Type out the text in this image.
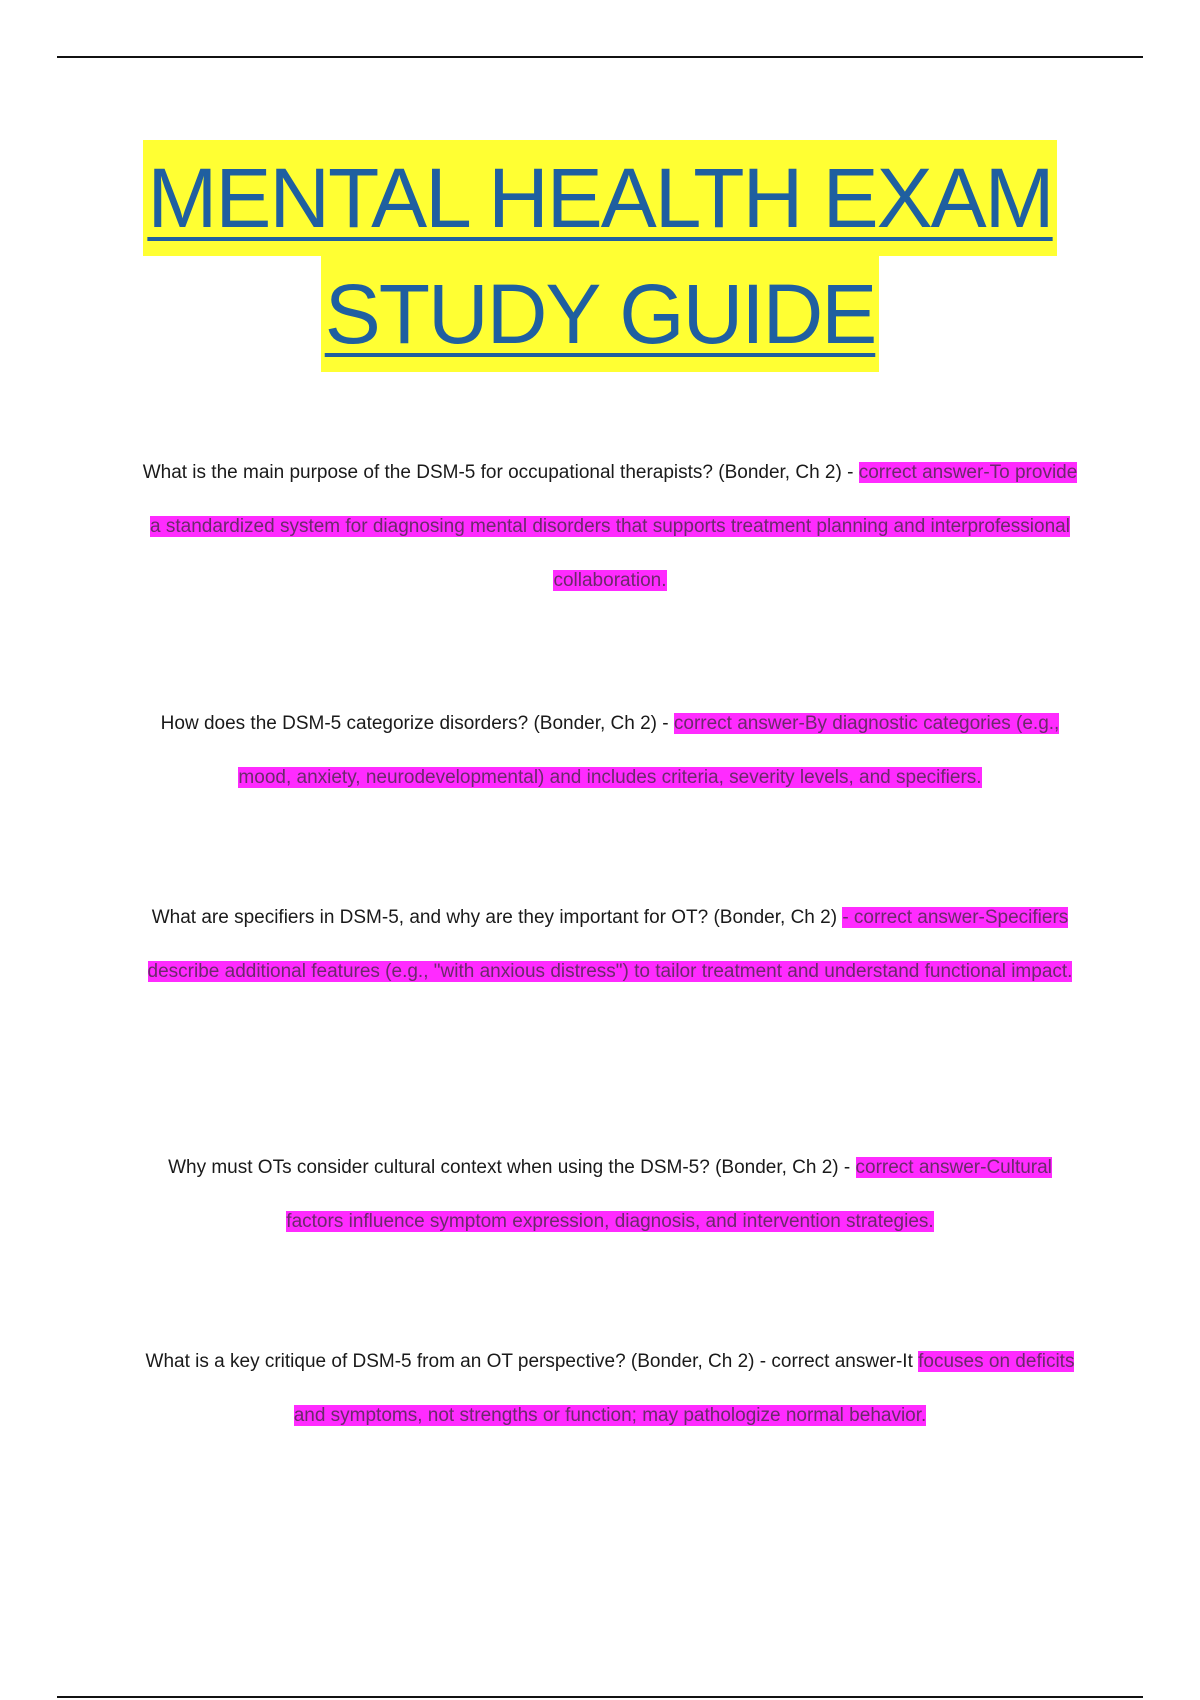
MENTAL HEALTH EXAM
STUDY GUIDE
What is the main purpose of the DSM-5 for occupational therapists? (Bonder, Ch 2) - correct answer-To provide a standardized system for diagnosing mental disorders that supports treatment planning and interprofessional collaboration.
How does the DSM-5 categorize disorders? (Bonder, Ch 2) - correct answer-By diagnostic categories (e.g., mood, anxiety, neurodevelopmental) and includes criteria, severity levels, and specifiers.
What are specifiers in DSM-5, and why are they important for OT? (Bonder, Ch 2) - correct answer-Specifiers describe additional features (e.g., "with anxious distress") to tailor treatment and understand functional impact.
Why must OTs consider cultural context when using the DSM-5? (Bonder, Ch 2) - correct answer-Cultural factors influence symptom expression, diagnosis, and intervention strategies.
What is a key critique of DSM-5 from an OT perspective? (Bonder, Ch 2) - correct answer-It focuses on deficits and symptoms, not strengths or function; may pathologize normal behavior.
